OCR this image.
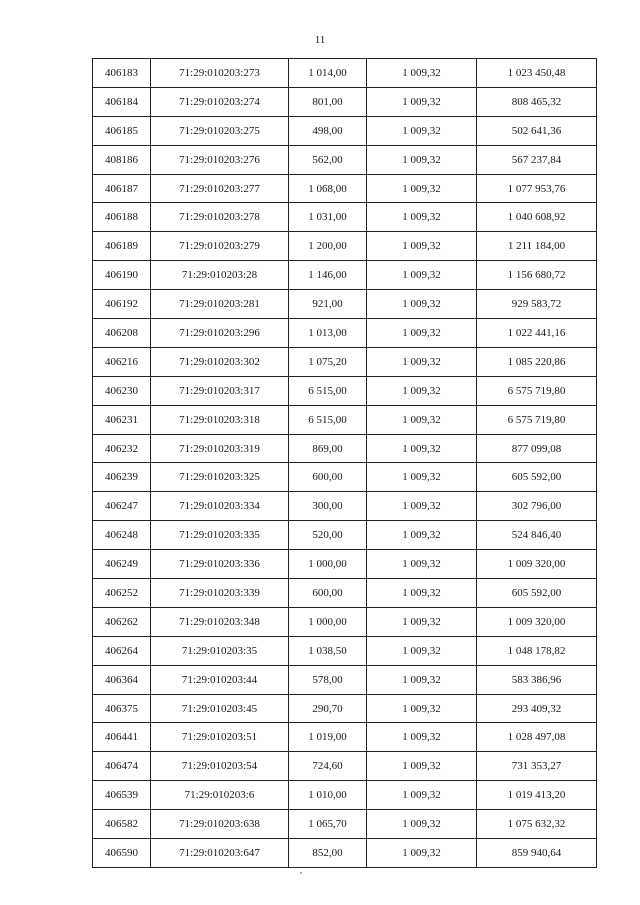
11
406183	71:29:010203:273	1 014,00	1 009,32	1 023 450,48
406184	71:29:010203:274	801,00	1 009,32	808 465,32
406185	71:29:010203:275	498,00	1 009,32	502 641,36
408186	71:29:010203:276	562,00	1 009,32	567 237,84
406187	71:29:010203:277	1 068,00	1 009,32	1 077 953,76
406188	71:29:010203:278	1 031,00	1 009,32	1 040 608,92
406189	71:29:010203:279	1 200,00	1 009,32	1 211 184,00
406190	71:29:010203:28	1 146,00	1 009,32	1 156 680,72
406192	71:29:010203:281	921,00	1 009,32	929 583,72
406208	71:29:010203:296	1 013,00	1 009,32	1 022 441,16
406216	71:29:010203:302	1 075,20	1 009,32	1 085 220,86
406230	71:29:010203:317	6 515,00	1 009,32	6 575 719,80
406231	71:29:010203:318	6 515,00	1 009,32	6 575 719,80
406232	71:29:010203:319	869,00	1 009,32	877 099,08
406239	71:29:010203:325	600,00	1 009,32	605 592,00
406247	71:29:010203:334	300,00	1 009,32	302 796,00
406248	71:29:010203:335	520,00	1 009,32	524 846,40
406249	71:29:010203:336	1 000,00	1 009,32	1 009 320,00
406252	71:29:010203:339	600,00	1 009,32	605 592,00
406262	71:29:010203:348	1 000,00	1 009,32	1 009 320,00
406264	71:29:010203:35	1 038,50	1 009,32	1 048 178,82
406364	71:29:010203:44	578,00	1 009,32	583 386,96
406375	71:29:010203:45	290,70	1 009,32	293 409,32
406441	71:29:010203:51	1 019,00	1 009,32	1 028 497,08
406474	71:29:010203:54	724,60	1 009,32	731 353,27
406539	71:29:010203:6	1 010,00	1 009,32	1 019 413,20
406582	71:29:010203:638	1 065,70	1 009,32	1 075 632,32
406590	71:29:010203:647	852,00	1 009,32	859 940,64
